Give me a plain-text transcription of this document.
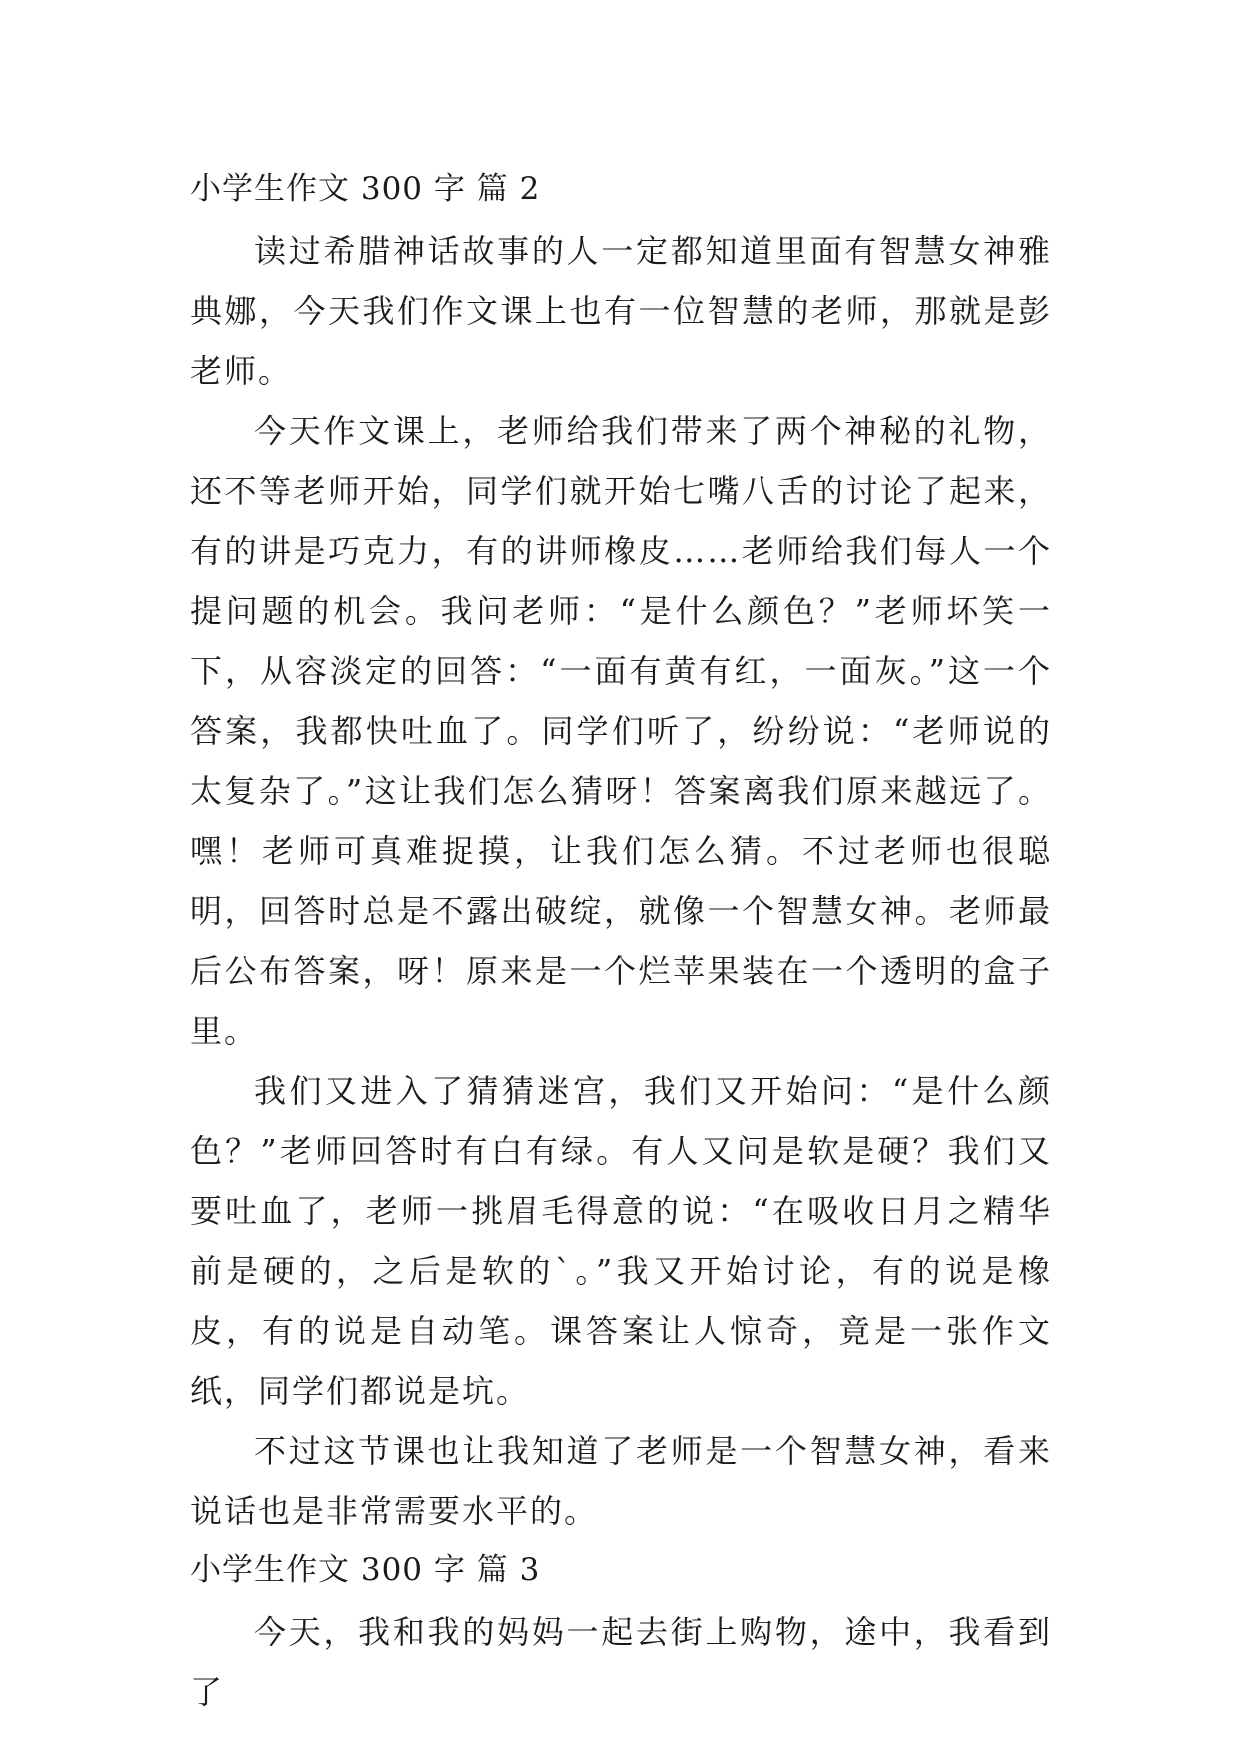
小学生作文 300 字 篇 2

读过希腊神话故事的人一定都知道里面有智慧女神雅典娜，今天我们作文课上也有一位智慧的老师，那就是彭老师。

今天作文课上，老师给我们带来了两个神秘的礼物，还不等老师开始，同学们就开始七嘴八舌的讨论了起来，有的讲是巧克力，有的讲师橡皮……老师给我们每人一个提问题的机会。我问老师：“是什么颜色？”老师坏笑一下，从容淡定的回答：“一面有黄有红，一面灰。”这一个答案，我都快吐血了。同学们听了，纷纷说：“老师说的太复杂了。”这让我们怎么猜呀！答案离我们原来越远了。嘿！老师可真难捉摸，让我们怎么猜。不过老师也很聪明，回答时总是不露出破绽，就像一个智慧女神。老师最后公布答案，呀！原来是一个烂苹果装在一个透明的盒子里。

我们又进入了猜猜迷宫，我们又开始问：“是什么颜色？”老师回答时有白有绿。有人又问是软是硬？我们又要吐血了，老师一挑眉毛得意的说：“在吸收日月之精华前是硬的，之后是软的`。”我又开始讨论，有的说是橡皮，有的说是自动笔。课答案让人惊奇，竟是一张作文纸，同学们都说是坑。

不过这节课也让我知道了老师是一个智慧女神，看来说话也是非常需要水平的。

小学生作文 300 字 篇 3

今天，我和我的妈妈一起去街上购物，途中，我看到了
